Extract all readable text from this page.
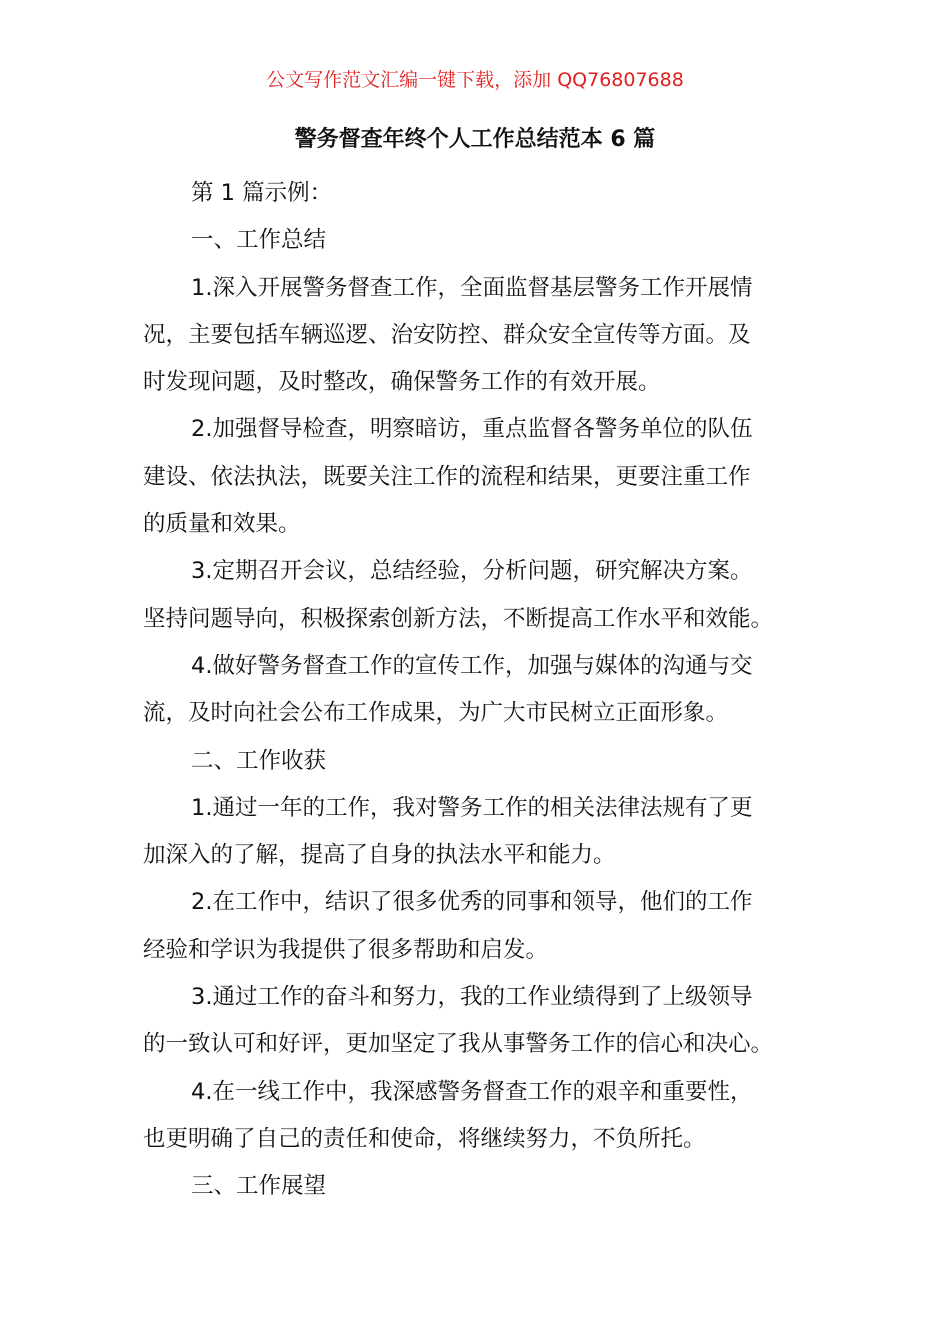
公文写作范文汇编一键下载，添加 QQ76807688
警务督查年终个人工作总结范本 6 篇
第 1 篇示例：
一、工作总结
1.深入开展警务督查工作，全面监督基层警务工作开展情
况，主要包括车辆巡逻、治安防控、群众安全宣传等方面。及
时发现问题，及时整改，确保警务工作的有效开展。
2.加强督导检查，明察暗访，重点监督各警务单位的队伍
建设、依法执法，既要关注工作的流程和结果，更要注重工作
的质量和效果。
3.定期召开会议，总结经验，分析问题，研究解决方案。
坚持问题导向，积极探索创新方法，不断提高工作水平和效能。
4.做好警务督查工作的宣传工作，加强与媒体的沟通与交
流，及时向社会公布工作成果，为广大市民树立正面形象。
二、工作收获
1.通过一年的工作，我对警务工作的相关法律法规有了更
加深入的了解，提高了自身的执法水平和能力。
2.在工作中，结识了很多优秀的同事和领导，他们的工作
经验和学识为我提供了很多帮助和启发。
3.通过工作的奋斗和努力，我的工作业绩得到了上级领导
的一致认可和好评，更加坚定了我从事警务工作的信心和决心。
4.在一线工作中，我深感警务督查工作的艰辛和重要性，
也更明确了自己的责任和使命，将继续努力，不负所托。
三、工作展望
